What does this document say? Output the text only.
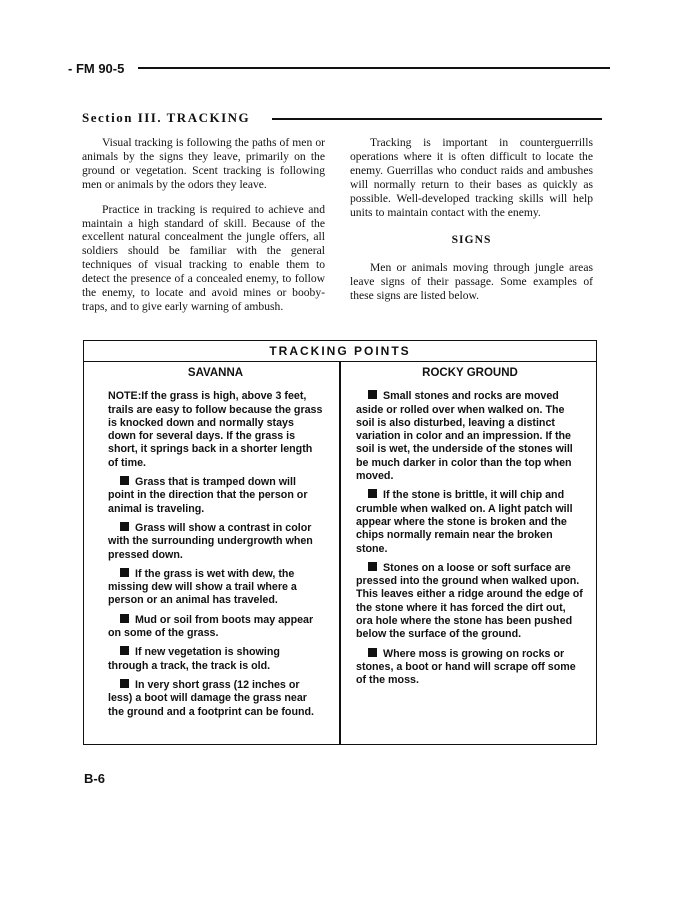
- FM 90-5
Section III. TRACKING

Visual tracking is following the paths of men or animals by the signs they leave, primarily on the ground or vegetation. Scent tracking is following men or animals by the odors they leave.

Practice in tracking is required to achieve and maintain a high standard of skill. Because of the excellent natural concealment the jungle offers, all soldiers should be familiar with the general techniques of visual tracking to enable them to detect the presence of a concealed enemy, to follow the enemy, to locate and avoid mines or booby-traps, and to give early warning of ambush.

Tracking is important in counterguerrills operations where it is often difficult to locate the enemy. Guerrillas who conduct raids and ambushes will normally return to their bases as quickly as possible. Well-developed tracking skills will help units to maintain contact with the enemy.

SIGNS

Men or animals moving through jungle areas leave signs of their passage. Some examples of these signs are listed below.

TRACKING POINTS
SAVANNA

NOTE:If the grass is high, above 3 feet, trails are easy to follow because the grass is knocked down and normally stays down for several days. If the grass is short, it springs back in a shorter length of time.

Grass that is tramped down will point in the direction that the person or animal is traveling.

Grass will show a contrast in color with the surrounding undergrowth when pressed down.

If the grass is wet with dew, the missing dew will show a trail where a person or an animal has traveled.

Mud or soil from boots may appear on some of the grass.

If new vegetation is showing through a track, the track is old.

In very short grass (12 inches or less) a boot will damage the grass near the ground and a footprint can be found.

ROCKY GROUND

Small stones and rocks are moved aside or rolled over when walked on. The soil is also disturbed, leaving a distinct variation in color and an impression. If the soil is wet, the underside of the stones will be much darker in color than the top when moved.

If the stone is brittle, it will chip and crumble when walked on. A light patch will appear where the stone is broken and the chips normally remain near the broken stone.

Stones on a loose or soft surface are pressed into the ground when walked upon. This leaves either a ridge around the edge of the stone where it has forced the dirt out, ora hole where the stone has been pushed below the surface of the ground.

Where moss is growing on rocks or stones, a boot or hand will scrape off some of the moss.

B-6
